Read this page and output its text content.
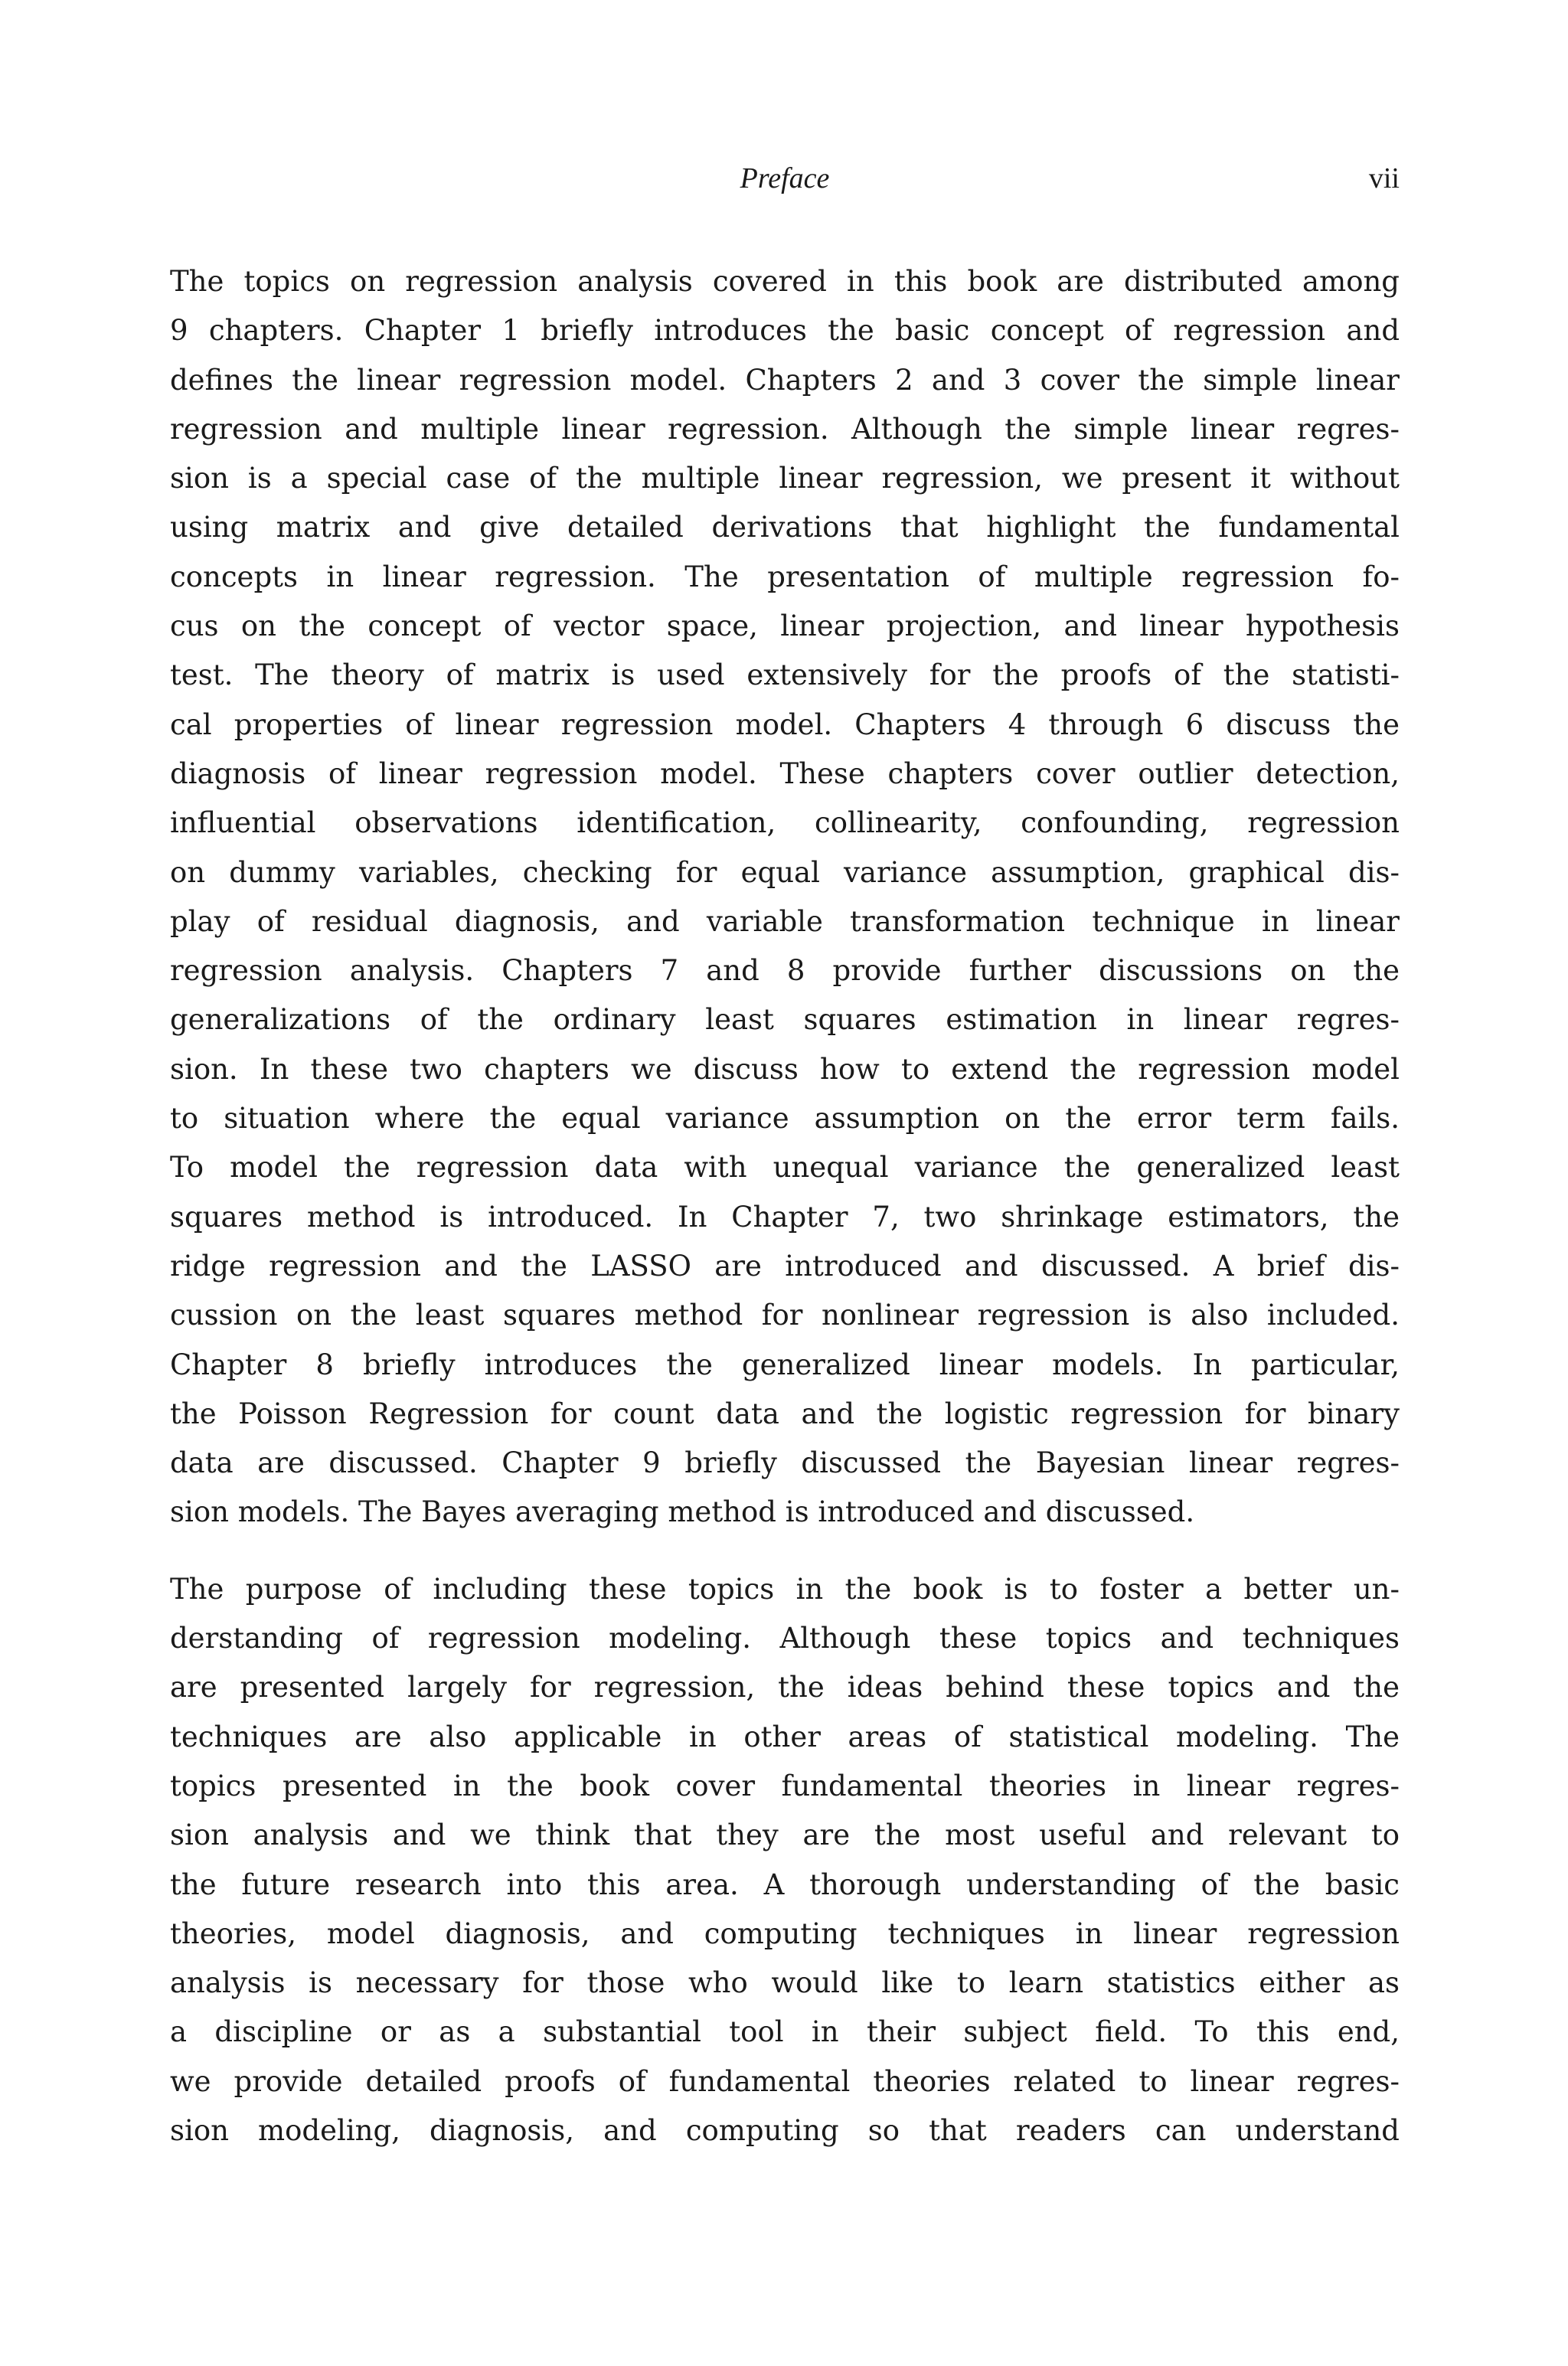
Preface	vii
The topics on regression analysis covered in this book are distributed among
9 chapters. Chapter 1 briefly introduces the basic concept of regression and
defines the linear regression model. Chapters 2 and 3 cover the simple linear
regression and multiple linear regression. Although the simple linear regres-
sion is a special case of the multiple linear regression, we present it without
using matrix and give detailed derivations that highlight the fundamental
concepts in linear regression. The presentation of multiple regression fo-
cus on the concept of vector space, linear projection, and linear hypothesis
test. The theory of matrix is used extensively for the proofs of the statisti-
cal properties of linear regression model. Chapters 4 through 6 discuss the
diagnosis of linear regression model. These chapters cover outlier detection,
influential observations identification, collinearity, confounding, regression
on dummy variables, checking for equal variance assumption, graphical dis-
play of residual diagnosis, and variable transformation technique in linear
regression analysis. Chapters 7 and 8 provide further discussions on the
generalizations of the ordinary least squares estimation in linear regres-
sion. In these two chapters we discuss how to extend the regression model
to situation where the equal variance assumption on the error term fails.
To model the regression data with unequal variance the generalized least
squares method is introduced. In Chapter 7, two shrinkage estimators, the
ridge regression and the LASSO are introduced and discussed. A brief dis-
cussion on the least squares method for nonlinear regression is also included.
Chapter 8 briefly introduces the generalized linear models. In particular,
the Poisson Regression for count data and the logistic regression for binary
data are discussed. Chapter 9 briefly discussed the Bayesian linear regres-
sion models. The Bayes averaging method is introduced and discussed.
The purpose of including these topics in the book is to foster a better un-
derstanding of regression modeling. Although these topics and techniques
are presented largely for regression, the ideas behind these topics and the
techniques are also applicable in other areas of statistical modeling. The
topics presented in the book cover fundamental theories in linear regres-
sion analysis and we think that they are the most useful and relevant to
the future research into this area. A thorough understanding of the basic
theories, model diagnosis, and computing techniques in linear regression
analysis is necessary for those who would like to learn statistics either as
a discipline or as a substantial tool in their subject field. To this end,
we provide detailed proofs of fundamental theories related to linear regres-
sion modeling, diagnosis, and computing so that readers can understand
